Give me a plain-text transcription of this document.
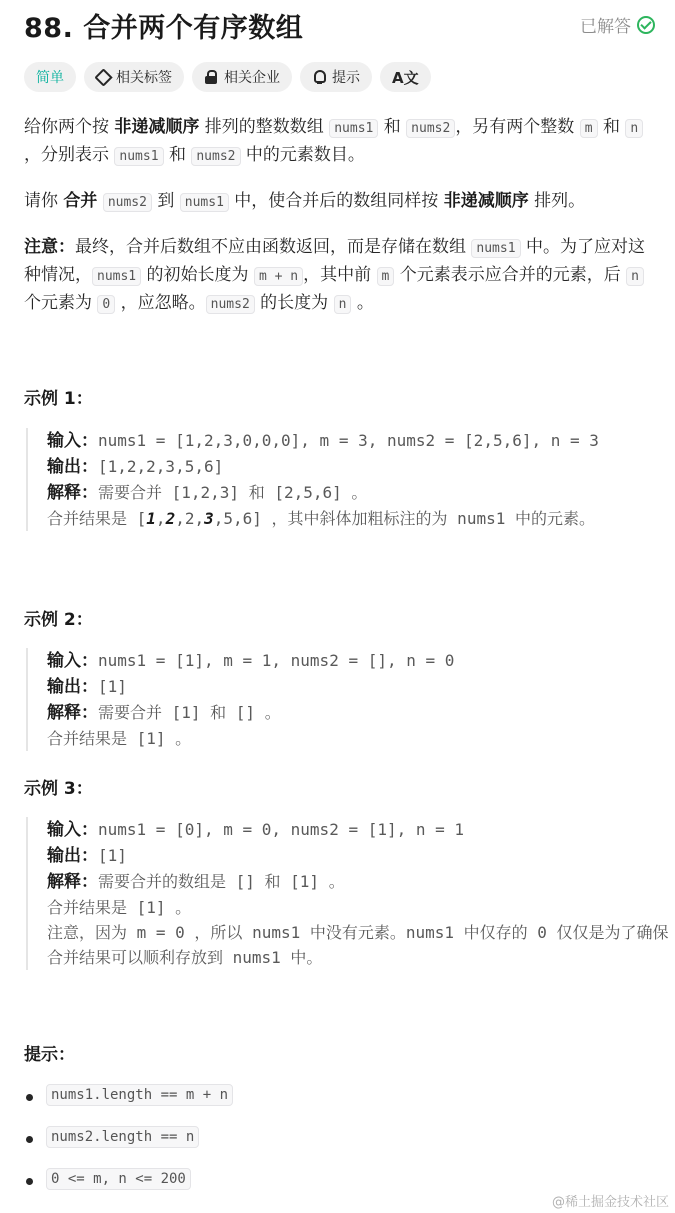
88. 合并两个有序数组	已解答
简单	相关标签	相关企业	提示 A文

给你两个按 非递减顺序 排列的整数数组 nums1 和 nums2 ，另有两个整数 m 和 n ，分别表示 nums1 和 nums2 中的元素数目。

请你 合并 nums2 到 nums1 中，使合并后的数组同样按 非递减顺序 排列。

注意：最终，合并后数组不应由函数返回，而是存储在数组 nums1 中。为了应对这种情况， nums1 的初始长度为 m + n ，其中前 m 个元素表示应合并的元素，后 n 个元素为 0 ，应忽略。 nums2 的长度为 n 。

示例 1：
输入：nums1 = [1,2,3,0,0,0], m = 3, nums2 = [2,5,6], n = 3
输出：[1,2,2,3,5,6]
解释：需要合并 [1,2,3] 和 [2,5,6] 。
合并结果是 [1,2,2,3,5,6] ，其中斜体加粗标注的为 nums1 中的元素。
示例 2：
输入：nums1 = [1], m = 1, nums2 = [], n = 0
输出：[1]
解释：需要合并 [1] 和 [] 。
合并结果是 [1] 。
示例 3：
输入：nums1 = [0], m = 0, nums2 = [1], n = 1
输出：[1]
解释：需要合并的数组是 [] 和 [1] 。
合并结果是 [1] 。
注意，因为 m = 0 ，所以 nums1 中没有元素。nums1 中仅存的 0 仅仅是为了确保合并结果可以顺利存放到 nums1 中。
提示：
nums1.length == m + n
nums2.length == n
0 <= m, n <= 200
@稀土掘金技术社区
